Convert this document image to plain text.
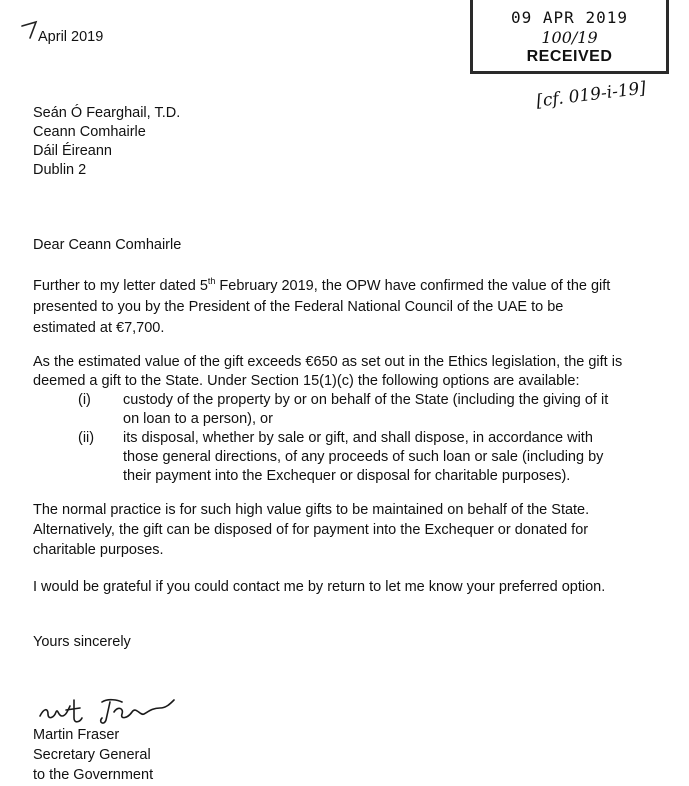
April 2019
09 APR 2019
100/19
RECEIVED
[cf. 019-i-19]
Seán Ó Fearghail, T.D.
Ceann Comhairle
Dáil Éireann
Dublin 2
Dear Ceann Comhairle
Further to my letter dated 5th February 2019, the OPW have confirmed the value of the gift
presented to you by the President of the Federal National Council of the UAE to be
estimated at €7,700.
As the estimated value of the gift exceeds €650 as set out in the Ethics legislation, the gift is
deemed a gift to the State. Under Section 15(1)(c) the following options are available:
(i) custody of the property by or on behalf of the State (including the giving of it
on loan to a person), or
(ii) its disposal, whether by sale or gift, and shall dispose, in accordance with
those general directions, of any proceeds of such loan or sale (including by
their payment into the Exchequer or disposal for charitable purposes).
The normal practice is for such high value gifts to be maintained on behalf of the State.
Alternatively, the gift can be disposed of for payment into the Exchequer or donated for
charitable purposes.
I would be grateful if you could contact me by return to let me know your preferred option.
Yours sincerely
Martin Fraser
Secretary General
to the Government
